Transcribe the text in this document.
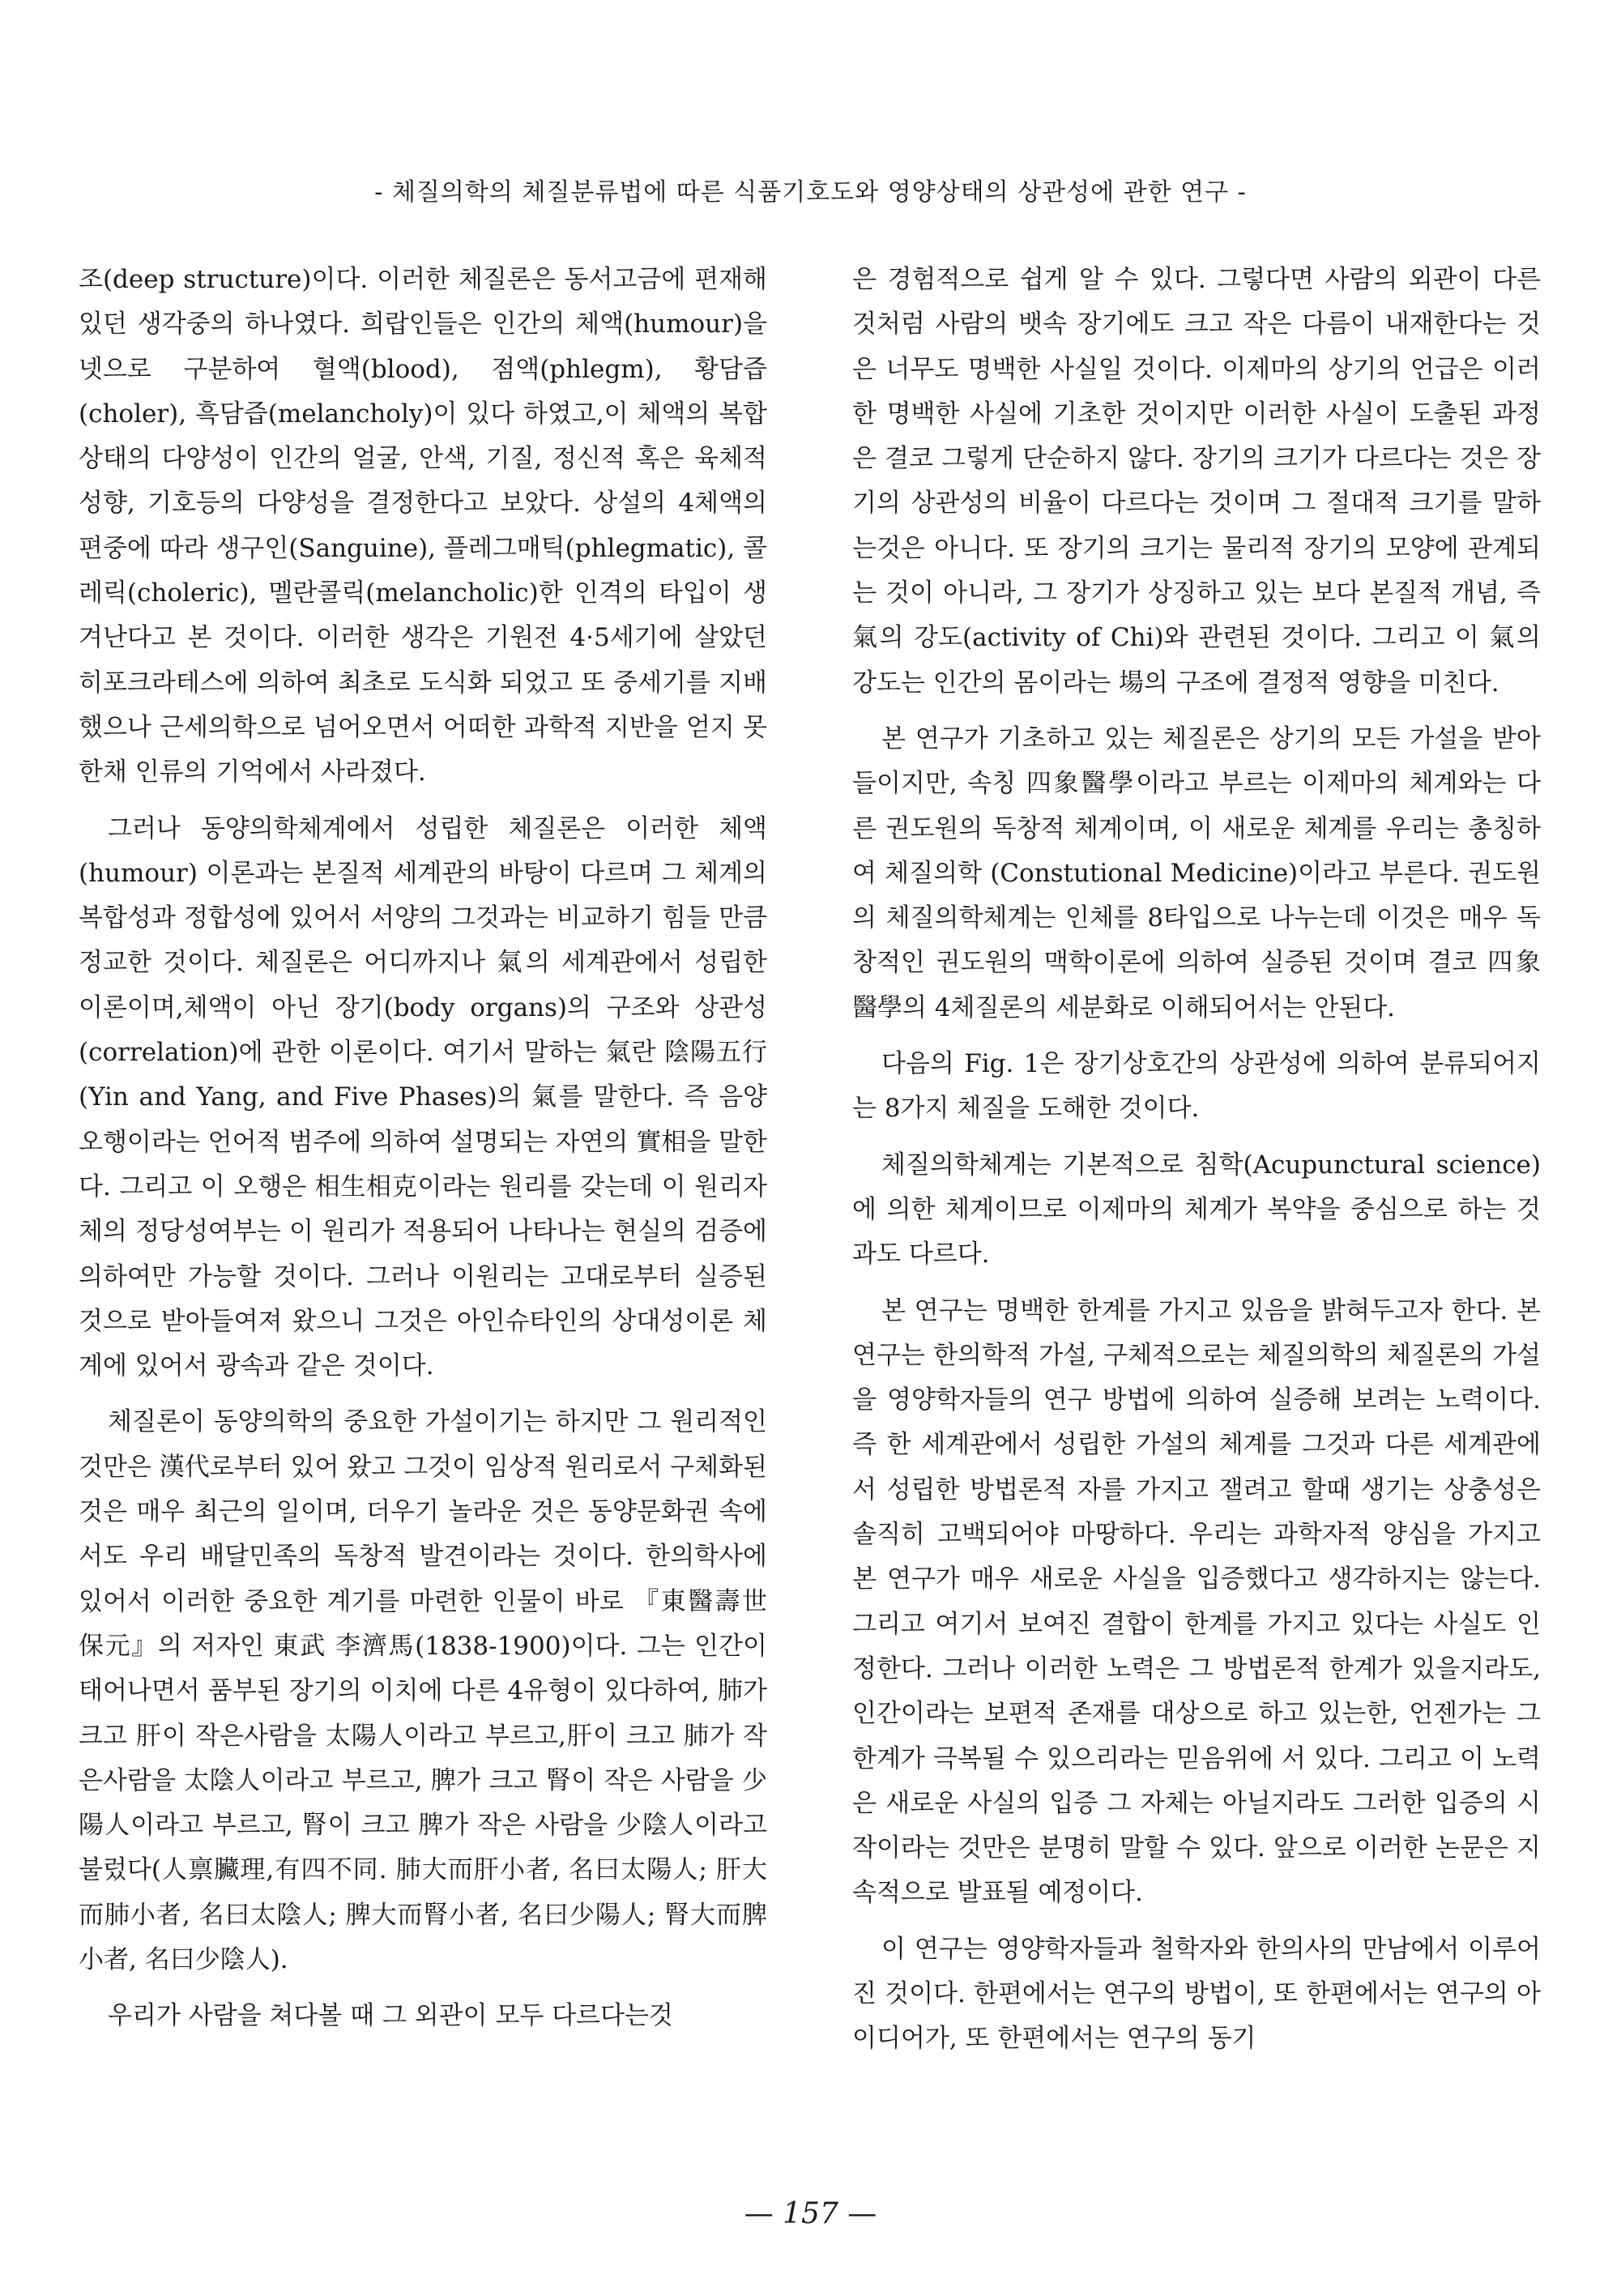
- 체질의학의 체질분류법에 따른 식품기호도와 영양상태의 상관성에 관한 연구 -

조(deep structure)이다. 이러한 체질론은 동서고금에 편재해 있던 생각중의 하나였다. 희랍인들은 인간의 체액(humour)을 넷으로 구분하여 혈액(blood), 점액(phlegm), 황담즙(choler), 흑담즙(melancholy)이 있다 하였고,이 체액의 복합상태의 다양성이 인간의 얼굴, 안색, 기질, 정신적 혹은 육체적 성향, 기호등의 다양성을 결정한다고 보았다. 상설의 4체액의 편중에 따라 생구인(Sanguine), 플레그매틱(phlegmatic), 콜레릭(choleric), 멜란콜릭(melancholic)한 인격의 타입이 생겨난다고 본 것이다. 이러한 생각은 기원전 4·5세기에 살았던 히포크라테스에 의하여 최초로 도식화 되었고 또 중세기를 지배했으나 근세의학으로 넘어오면서 어떠한 과학적 지반을 얻지 못한채 인류의 기억에서 사라졌다.

그러나 동양의학체계에서 성립한 체질론은 이러한 체액(humour) 이론과는 본질적 세계관의 바탕이 다르며 그 체계의 복합성과 정합성에 있어서 서양의 그것과는 비교하기 힘들 만큼 정교한 것이다. 체질론은 어디까지나 氣의 세계관에서 성립한 이론이며,체액이 아닌 장기(body organs)의 구조와 상관성(correlation)에 관한 이론이다. 여기서 말하는 氣란 陰陽五行(Yin and Yang, and Five Phases)의 氣를 말한다. 즉 음양오행이라는 언어적 범주에 의하여 설명되는 자연의 實相을 말한다. 그리고 이 오행은 相生相克이라는 원리를 갖는데 이 원리자체의 정당성여부는 이 원리가 적용되어 나타나는 현실의 검증에 의하여만 가능할 것이다. 그러나 이원리는 고대로부터 실증된 것으로 받아들여져 왔으니 그것은 아인슈타인의 상대성이론 체계에 있어서 광속과 같은 것이다.

체질론이 동양의학의 중요한 가설이기는 하지만 그 원리적인 것만은 漢代로부터 있어 왔고 그것이 임상적 원리로서 구체화된 것은 매우 최근의 일이며, 더우기 놀라운 것은 동양문화권 속에서도 우리 배달민족의 독창적 발견이라는 것이다. 한의학사에 있어서 이러한 중요한 계기를 마련한 인물이 바로 『東醫壽世保元』의 저자인 東武 李濟馬(1838-1900)이다. 그는 인간이 태어나면서 품부된 장기의 이치에 다른 4유형이 있다하여, 肺가 크고 肝이 작은사람을 太陽人이라고 부르고,肝이 크고 肺가 작은사람을 太陰人이라고 부르고, 脾가 크고 腎이 작은 사람을 少陽人이라고 부르고, 腎이 크고 脾가 작은 사람을 少陰人이라고 불렀다(人禀臟理,有四不同. 肺大而肝小者, 名曰太陽人; 肝大而肺小者, 名曰太陰人; 脾大而腎小者, 名曰少陽人; 腎大而脾小者, 名曰少陰人).

우리가 사람을 쳐다볼 때 그 외관이 모두 다르다는것

은 경험적으로 쉽게 알 수 있다. 그렇다면 사람의 외관이 다른 것처럼 사람의 뱃속 장기에도 크고 작은 다름이 내재한다는 것은 너무도 명백한 사실일 것이다. 이제마의 상기의 언급은 이러한 명백한 사실에 기초한 것이지만 이러한 사실이 도출된 과정은 결코 그렇게 단순하지 않다. 장기의 크기가 다르다는 것은 장기의 상관성의 비율이 다르다는 것이며 그 절대적 크기를 말하는것은 아니다. 또 장기의 크기는 물리적 장기의 모양에 관계되는 것이 아니라, 그 장기가 상징하고 있는 보다 본질적 개념, 즉 氣의 강도(activity of Chi)와 관련된 것이다. 그리고 이 氣의 강도는 인간의 몸이라는 場의 구조에 결정적 영향을 미친다.

본 연구가 기초하고 있는 체질론은 상기의 모든 가설을 받아들이지만, 속칭 四象醫學이라고 부르는 이제마의 체계와는 다른 권도원의 독창적 체계이며, 이 새로운 체계를 우리는 총칭하여 체질의학 (Constutional Medicine)이라고 부른다. 권도원의 체질의학체계는 인체를 8타입으로 나누는데 이것은 매우 독창적인 권도원의 맥학이론에 의하여 실증된 것이며 결코 四象醫學의 4체질론의 세분화로 이해되어서는 안된다.

다음의 Fig. 1은 장기상호간의 상관성에 의하여 분류되어지는 8가지 체질을 도해한 것이다.

체질의학체계는 기본적으로 침학(Acupunctural science)에 의한 체계이므로 이제마의 체계가 복약을 중심으로 하는 것과도 다르다.

본 연구는 명백한 한계를 가지고 있음을 밝혀두고자 한다. 본 연구는 한의학적 가설, 구체적으로는 체질의학의 체질론의 가설을 영양학자들의 연구 방법에 의하여 실증해 보려는 노력이다. 즉 한 세계관에서 성립한 가설의 체계를 그것과 다른 세계관에서 성립한 방법론적 자를 가지고 잴려고 할때 생기는 상충성은 솔직히 고백되어야 마땅하다. 우리는 과학자적 양심을 가지고 본 연구가 매우 새로운 사실을 입증했다고 생각하지는 않는다. 그리고 여기서 보여진 결합이 한계를 가지고 있다는 사실도 인정한다. 그러나 이러한 노력은 그 방법론적 한계가 있을지라도, 인간이라는 보편적 존재를 대상으로 하고 있는한, 언젠가는 그 한계가 극복될 수 있으리라는 믿음위에 서 있다. 그리고 이 노력은 새로운 사실의 입증 그 자체는 아닐지라도 그러한 입증의 시작이라는 것만은 분명히 말할 수 있다. 앞으로 이러한 논문은 지속적으로 발표될 예정이다.

이 연구는 영양학자들과 철학자와 한의사의 만남에서 이루어진 것이다. 한편에서는 연구의 방법이, 또 한편에서는 연구의 아이디어가, 또 한편에서는 연구의 동기

— 157 —
